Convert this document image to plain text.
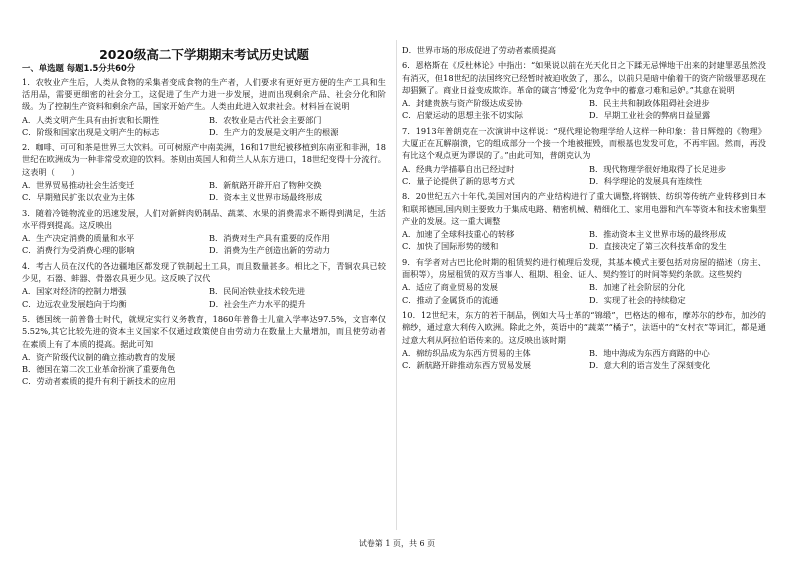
2020级高二下学期期末考试历史试题
一、单选题 每题1.5分共60分
1．农牧业产生后，人类从食物的采集者变成食物的生产者，人们要求有更好更方便的生产工具和生活用品，需要更细密的社会分工，这促进了生产力进一步发展，进而出现剩余产品、社会分化和阶级。为了控制生产资料和剩余产品，国家开始产生。人类由此进入奴隶社会。材料旨在说明
A．人类文明产生具有由折衷和长期性	B．农牧业是古代社会主要部门
C．阶级和国家出现是文明产生的标志	D．生产力的发展是文明产生的根源
2．咖啡、可可和茶是世界三大饮料。可可树原产中南美洲，16和17世纪被移植到东南亚和非洲，18世纪在欧洲成为一种非常受欢迎的饮料。茶则由英国人和荷兰人从东方进口，18世纪变得十分流行。这表明（　　）
A．世界贸易推动社会生活变迁	B．新航路开辟开启了物种交换
C．早期殖民扩张以农业为主体	D．资本主义世界市场最终形成
3．随着冷链物流业的迅速发展，人们对新鲜肉奶制品、蔬菜、水果的消费需求不断得到满足，生活水平得到提高。这反映出
A．生产决定消费的质量和水平	B．消费对生产具有重要的反作用
C．消费行为受消费心理的影响	D．消费为生产创造出新的劳动力
4．考古人员在汉代的各边疆地区都发现了铁制起土工具，而且数量甚多。相比之下，青铜农具已较少见，石器、蚌器、骨器农具更少见。这反映了汉代
A．国家对经济的控制力增强	B．民间冶铁业技术较先进
C．边远农业发展趋向于均衡	D．社会生产力水平的提升
5．德国统一前普鲁士时代，就规定实行义务教育，1860年普鲁士儿童入学率达97.5%，文盲率仅5.52%,其它比较先进的资本主义国家不仅通过政策使自由劳动力在数量上大量增加，而且使劳动者在素质上有了本质的提高。据此可知
A．资产阶级代议制的确立推动教育的发展
B．德国在第二次工业革命扮演了重要角色
C．劳动者素质的提升有利于新技术的应用
D．世界市场的形成促进了劳动者素质提高
6．恩格斯在《反杜林论》中指出：“如果说以前在光天化日之下蹂无忌惮地干出来的封建罪恶虽然没有消灭，但18世纪的法国终究已经暂时被迫收敛了，那么，以前只是暗中偷着干的资产阶级罪恶现在却猖獗了。商业日益变成欺诈。革命的箴言‘博爱’化为竞争中的蓄意刁难和忌妒。”其意在说明
A．封建贵族与资产阶级达成妥协	B．民主共和制政体阻碍社会进步
C．启蒙运动的思想主张不切实际	D．早期工业社会的弊病日益显露
7．1913年普朗克在一次演讲中这样说：“现代理论物理学给人这样一种印象：昔日辉煌的《物理》大厦正在瓦解崩溃，它的组成部分一个接一个地被摧毁，而根基也发发可危，不再牢固。然而，再没有比这个观点更为谬误的了。”由此可知，普朗克认为
A．经典力学描摹自出已经过时	B．现代物理学很好地取得了长足进步
C．量子论提供了新的思考方式	D．科学理论的发展具有连续性
8．20世纪五六十年代,美国对国内的产业结构进行了重大调整,将钢铁、纺织等传统产业转移到日本和联邦德国,国内则主要致力于集成电路、精密机械、精细化工、家用电器和汽车等资本和技术密集型产业的发展。这一重大调整
A．加速了全球科技重心的转移	B．推动资本主义世界市场的最终形成
C．加快了国际形势的缓和	D．直接决定了第三次科技革命的发生
9．有学者对古巴比伦时期的租赁契约进行梳理后发现，其基本模式主要包括对房屋的描述（房主、面积等），房屋租赁的双方当事人、租期、租金、证人、契约签订的时间等契约条款。这些契约
A．适应了商业贸易的发展	B．加速了社会阶层的分化
C．推动了金属货币的流通	D．实现了社会的持续稳定
10．12世纪末，东方的若干制品，例如大马士革的“锦缎”，巴格达的棉布，摩苏尔的纱布，加沙的棉纱，通过意大利传入欧洲。除此之外，英语中的“蔬菜”“橘子”，法语中的“女村衣”等词汇，都是通过意大利从阿拉伯语传来的。这反映出该时期
A．棉纺织品成为东西方贸易的主体	B．地中海成为东西方商路的中心
C．新航路开辟推动东西方贸易发展	D．意大利的语言发生了深刻变化
试卷第 1 页，共 6 页
